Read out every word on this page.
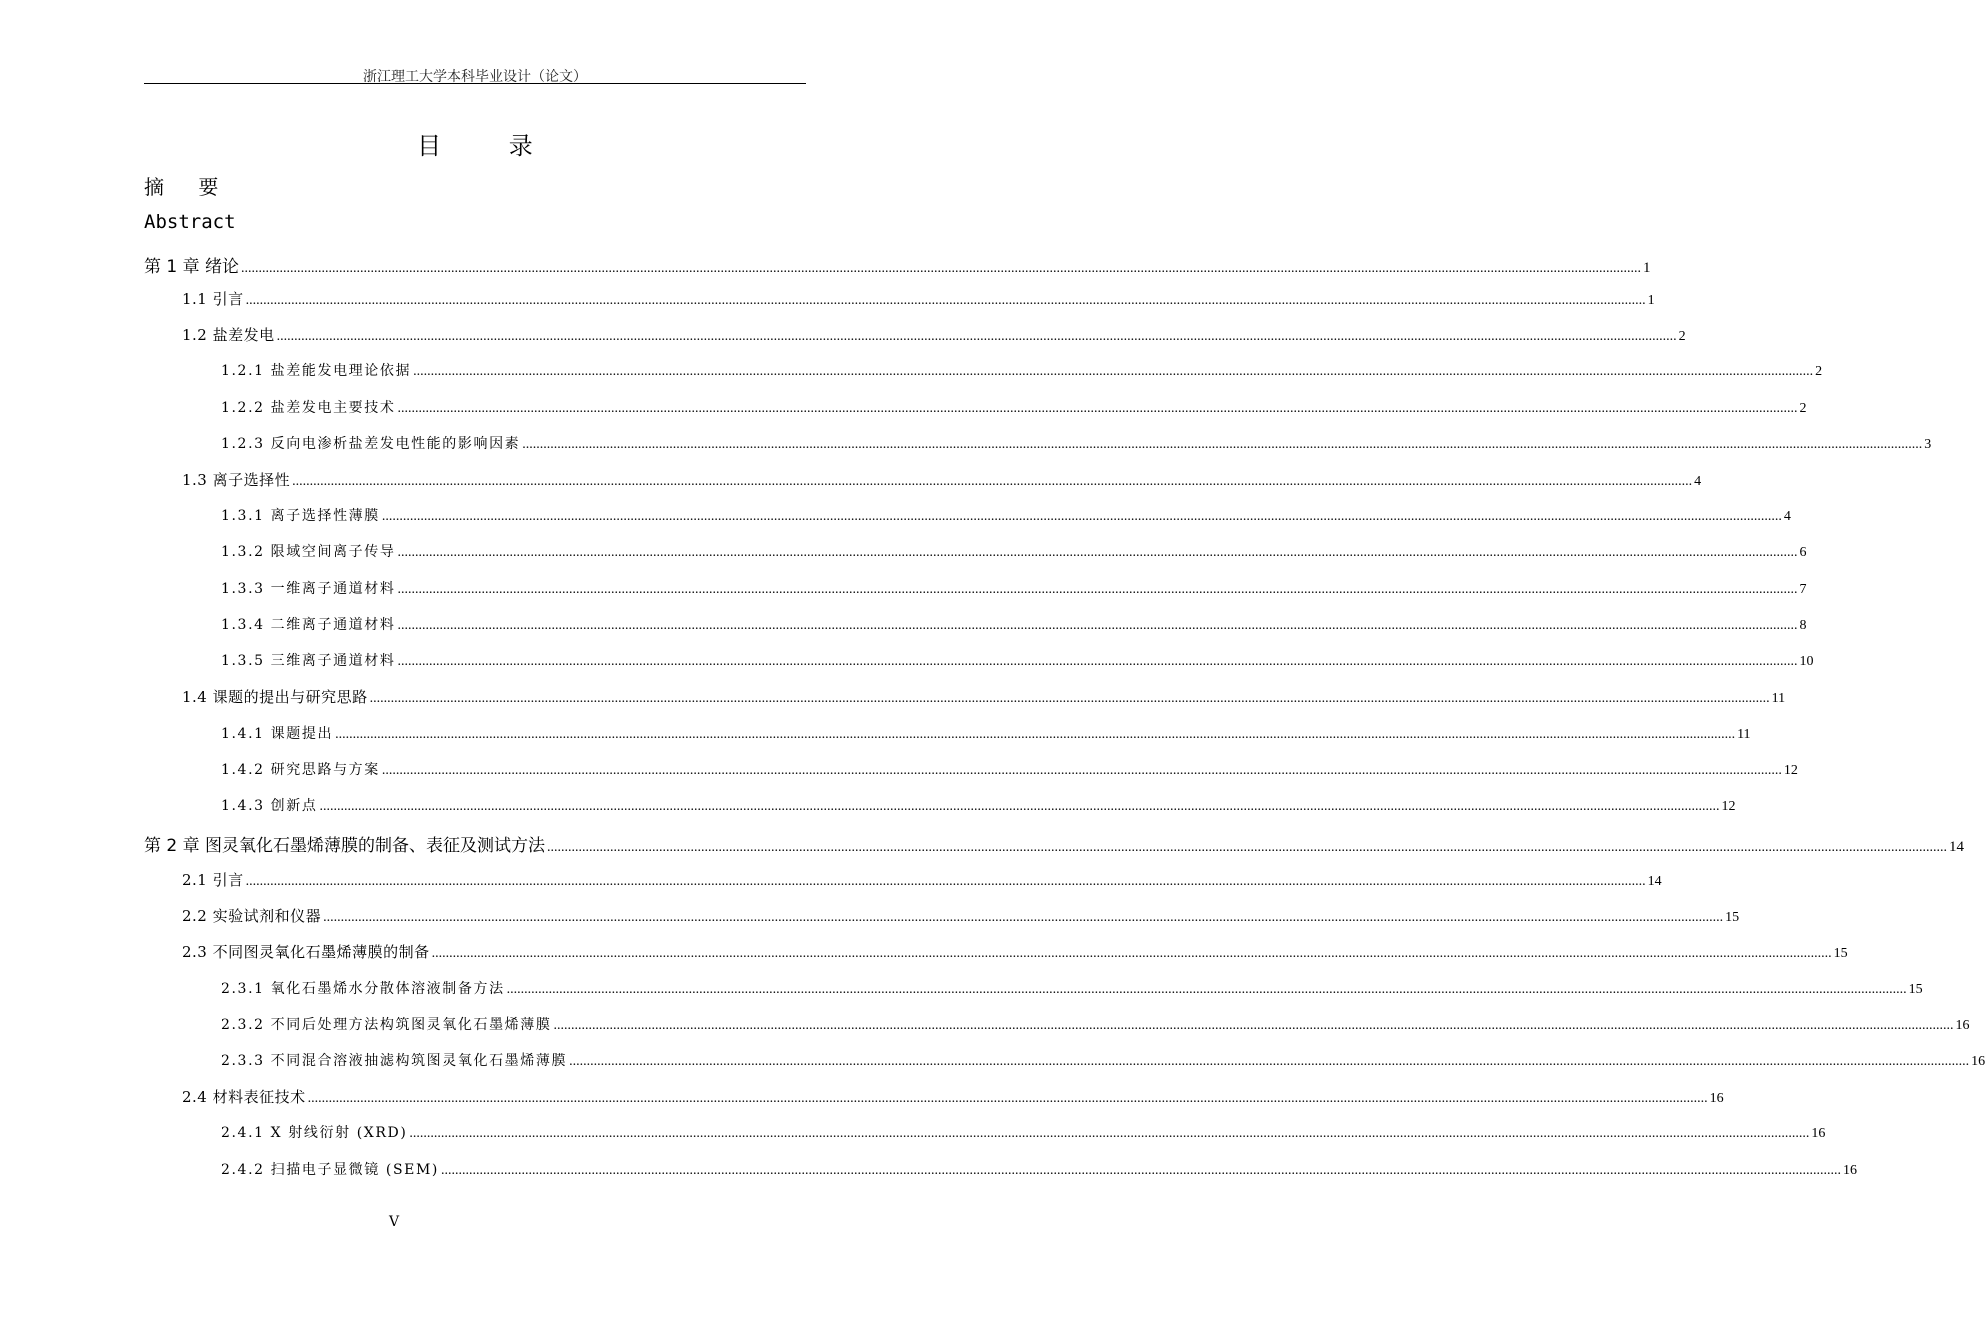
浙江理工大学本科毕业设计（论文）
目 录
摘 要
Abstract
第 1 章 绪论 ................................................................................................................................................................................................................................................................................................................................................................................................................ 1
1.1 引言 ................................................................................................................................................................................................................................................................................................................................................................................................................ 1
1.2 盐差发电 ................................................................................................................................................................................................................................................................................................................................................................................................................ 2
1.2.1 盐差能发电理论依据 ................................................................................................................................................................................................................................................................................................................................................................................................................ 2
1.2.2 盐差发电主要技术 ................................................................................................................................................................................................................................................................................................................................................................................................................ 2
1.2.3 反向电渗析盐差发电性能的影响因素 ................................................................................................................................................................................................................................................................................................................................................................................................................ 3
1.3 离子选择性 ................................................................................................................................................................................................................................................................................................................................................................................................................ 4
1.3.1 离子选择性薄膜 ................................................................................................................................................................................................................................................................................................................................................................................................................ 4
1.3.2 限域空间离子传导 ................................................................................................................................................................................................................................................................................................................................................................................................................ 6
1.3.3 一维离子通道材料 ................................................................................................................................................................................................................................................................................................................................................................................................................ 7
1.3.4 二维离子通道材料 ................................................................................................................................................................................................................................................................................................................................................................................................................ 8
1.3.5 三维离子通道材料 ................................................................................................................................................................................................................................................................................................................................................................................................................ 10
1.4 课题的提出与研究思路 ................................................................................................................................................................................................................................................................................................................................................................................................................ 11
1.4.1 课题提出 ................................................................................................................................................................................................................................................................................................................................................................................................................ 11
1.4.2 研究思路与方案 ................................................................................................................................................................................................................................................................................................................................................................................................................ 12
1.4.3 创新点 ................................................................................................................................................................................................................................................................................................................................................................................................................ 12
第 2 章 图灵氧化石墨烯薄膜的制备、表征及测试方法 ................................................................................................................................................................................................................................................................................................................................................................................................................ 14
2.1 引言 ................................................................................................................................................................................................................................................................................................................................................................................................................ 14
2.2 实验试剂和仪器 ................................................................................................................................................................................................................................................................................................................................................................................................................ 15
2.3 不同图灵氧化石墨烯薄膜的制备 ................................................................................................................................................................................................................................................................................................................................................................................................................ 15
2.3.1 氧化石墨烯水分散体溶液制备方法 ................................................................................................................................................................................................................................................................................................................................................................................................................ 15
2.3.2 不同后处理方法构筑图灵氧化石墨烯薄膜 ................................................................................................................................................................................................................................................................................................................................................................................................................ 16
2.3.3 不同混合溶液抽滤构筑图灵氧化石墨烯薄膜 ................................................................................................................................................................................................................................................................................................................................................................................................................ 16
2.4 材料表征技术 ................................................................................................................................................................................................................................................................................................................................................................................................................ 16
2.4.1 X 射线衍射 (XRD) ................................................................................................................................................................................................................................................................................................................................................................................................................ 16
2.4.2 扫描电子显微镜 (SEM) ................................................................................................................................................................................................................................................................................................................................................................................................................ 16
V
